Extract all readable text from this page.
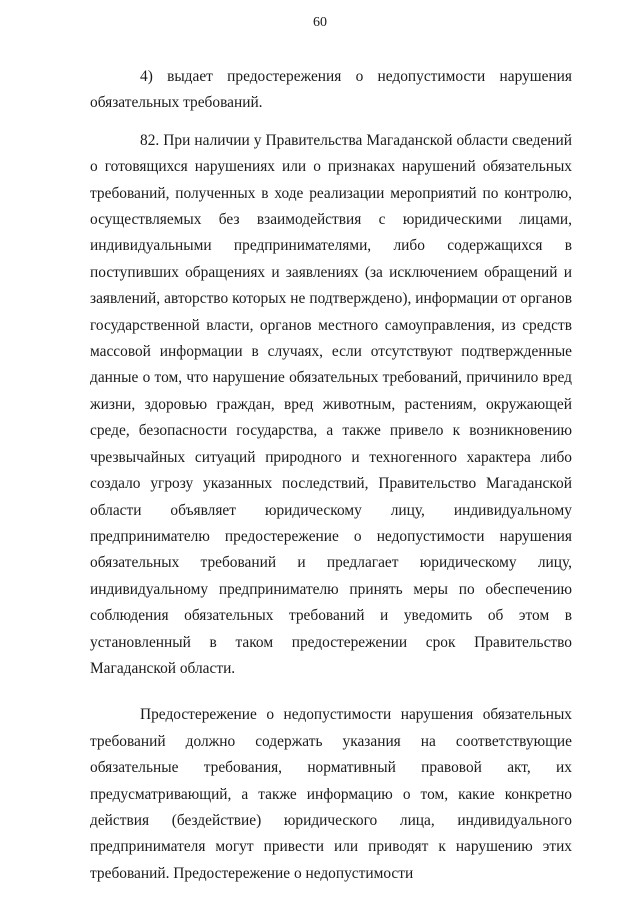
60

4) выдает предостережения о недопустимости нарушения обязательных требований.

82. При наличии у Правительства Магаданской области сведений о готовящихся нарушениях или о признаках нарушений обязательных требований, полученных в ходе реализации мероприятий по контролю, осуществляемых без взаимодействия с юридическими лицами, индивидуальными предпринимателями, либо содержащихся в поступивших обращениях и заявлениях (за исключением обращений и заявлений, авторство которых не подтверждено), информации от органов государственной власти, органов местного самоуправления, из средств массовой информации в случаях, если отсутствуют подтвержденные данные о том, что нарушение обязательных требований, причинило вред жизни, здоровью граждан, вред животным, растениям, окружающей среде, безопасности государства, а также привело к возникновению чрезвычайных ситуаций природного и техногенного характера либо создало угрозу указанных последствий, Правительство Магаданской области объявляет юридическому лицу, индивидуальному предпринимателю предостережение о недопустимости нарушения обязательных требований и предлагает юридическому лицу, индивидуальному предпринимателю принять меры по обеспечению соблюдения обязательных требований и уведомить об этом в установленный в таком предостережении срок Правительство Магаданской области.

Предостережение о недопустимости нарушения обязательных требований должно содержать указания на соответствующие обязательные требования, нормативный правовой акт, их предусматривающий, а также информацию о том, какие конкретно действия (бездействие) юридического лица, индивидуального предпринимателя могут привести или приводят к нарушению этих требований. Предостережение о недопустимости
